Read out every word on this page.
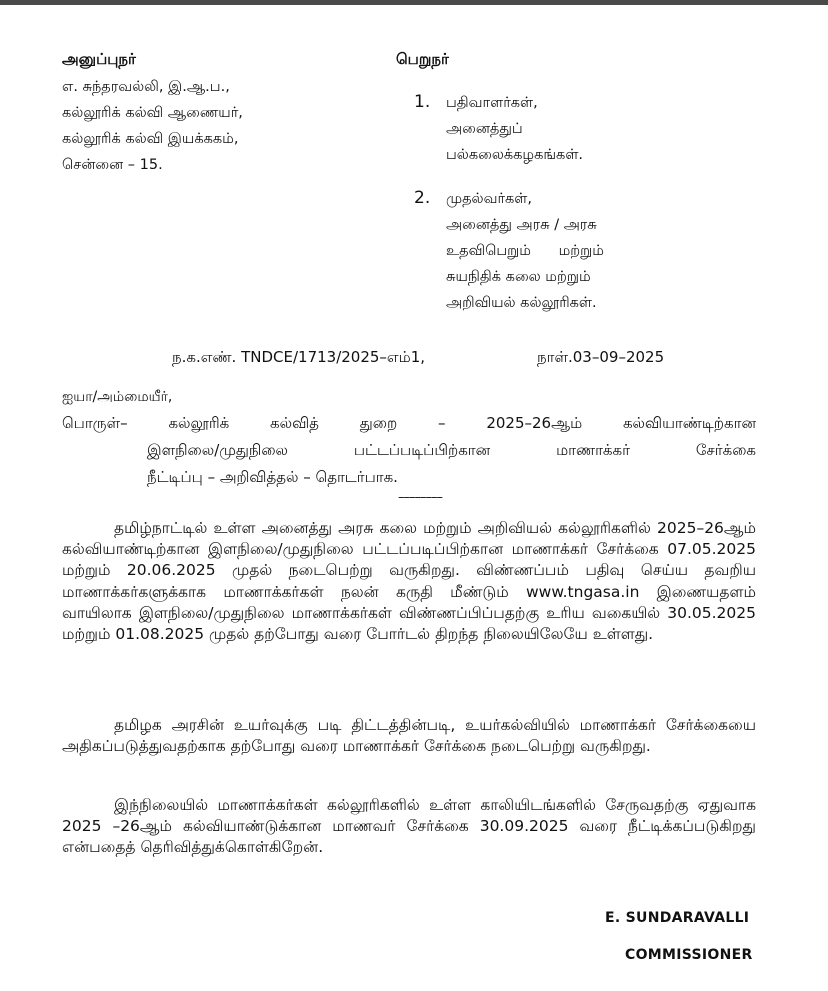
அனுப்புநர்
எ. சுந்தரவல்லி, இ.ஆ.ப.,
கல்லூரிக் கல்வி ஆணையர்,
கல்லூரிக் கல்வி இயக்ககம்,
சென்னை – 15.
பெறுநர்
1. பதிவாளர்கள்,
அனைத்துப்
பல்கலைக்கழகங்கள்.
2. முதல்வர்கள்,
அனைத்து அரசு / அரசு
உதவிபெறும்      மற்றும்
சுயநிதிக் கலை மற்றும்
அறிவியல் கல்லூரிகள்.
ந.க.எண். TNDCE/1713/2025–எம்1,	நாள்.03–09–2025
ஐயா/அம்மையீர்,
பொருள்– கல்லூரிக் கல்வித் துறை – 2025–26ஆம் கல்வியாண்டிற்கான
இளநிலை/முதுநிலை பட்டப்படிப்பிற்கான மாணாக்கர் சேர்க்கை
நீட்டிப்பு – அறிவித்தல் – தொடர்பாக.
––––––––
தமிழ்நாட்டில் உள்ள அனைத்து அரசு கலை மற்றும் அறிவியல் கல்லூரிகளில் 2025–26ஆம் கல்வியாண்டிற்கான இளநிலை/முதுநிலை பட்டப்படிப்பிற்கான மாணாக்கர் சேர்க்கை 07.05.2025 மற்றும் 20.06.2025 முதல் நடைபெற்று வருகிறது. விண்ணப்பம் பதிவு செய்ய தவறிய மாணாக்கர்களுக்காக மாணாக்கர்கள் நலன் கருதி மீண்டும் www.tngasa.in இணையதளம் வாயிலாக இளநிலை/முதுநிலை மாணாக்கர்கள் விண்ணப்பிப்பதற்கு உரிய வகையில் 30.05.2025 மற்றும் 01.08.2025 முதல் தற்போது வரை போர்டல் திறந்த நிலையிலேயே உள்ளது.
தமிழக அரசின் உயர்வுக்கு படி திட்டத்தின்படி, உயர்கல்வியில் மாணாக்கர் சேர்க்கையை அதிகப்படுத்துவதற்காக தற்போது வரை மாணாக்கர் சேர்க்கை நடைபெற்று வருகிறது.
இந்நிலையில் மாணாக்கர்கள் கல்லூரிகளில் உள்ள காலியிடங்களில் சேருவதற்கு ஏதுவாக 2025 –26ஆம் கல்வியாண்டுக்கான மாணவர் சேர்க்கை 30.09.2025 வரை நீட்டிக்கப்படுகிறது என்பதைத் தெரிவித்துக்கொள்கிறேன்.
E. SUNDARAVALLI
COMMISSIONER
